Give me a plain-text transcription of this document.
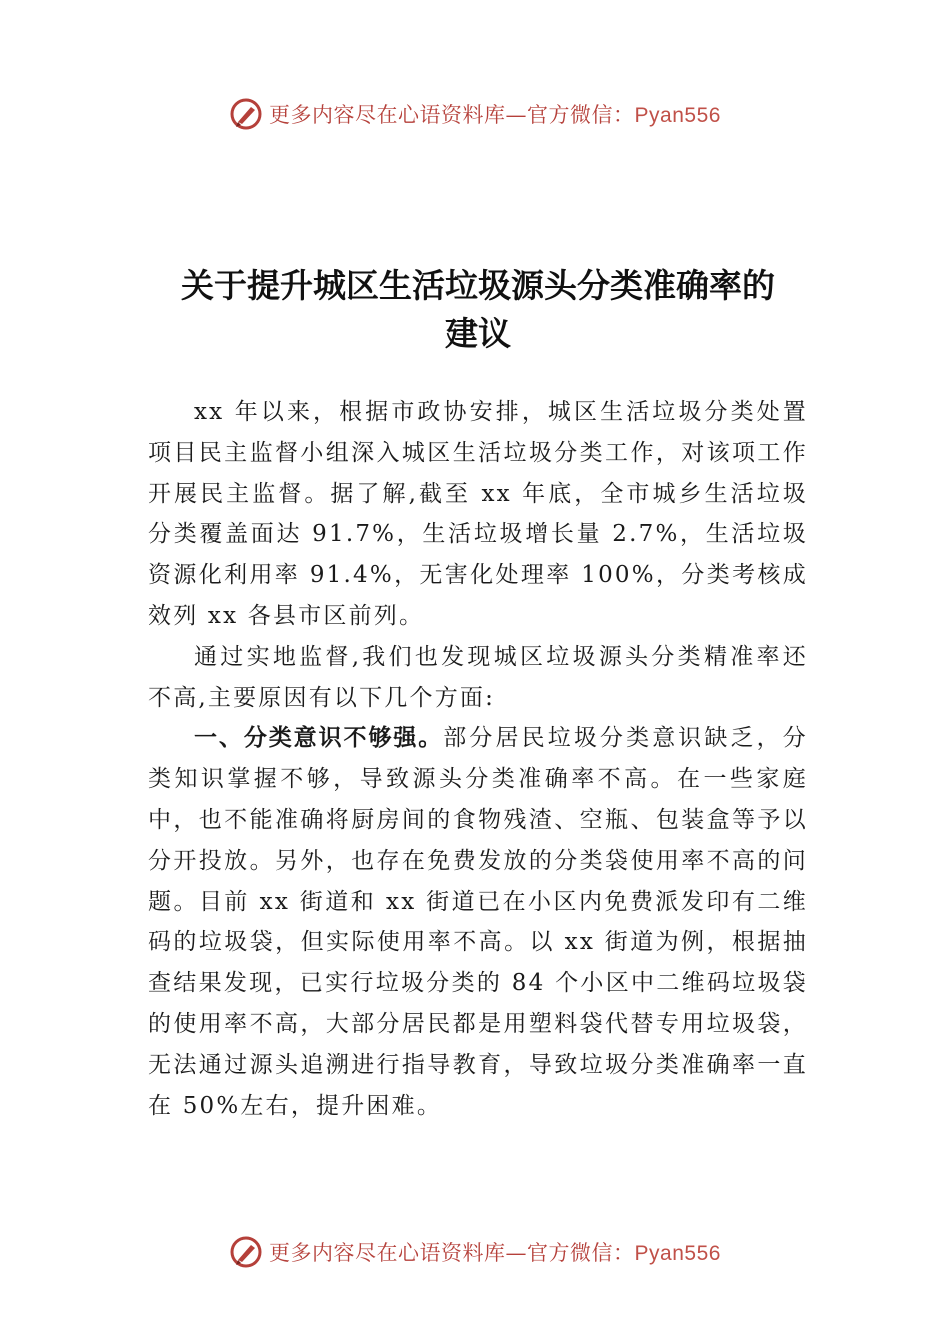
更多内容尽在心语资料库—官方微信：Pyan556
关于提升城区生活垃圾源头分类准确率的
建议

xx 年以来，根据市政协安排，城区生活垃圾分类处置项目民主监督小组深入城区生活垃圾分类工作，对该项工作开展民主监督。据了解,截至 xx 年底，全市城乡生活垃圾分类覆盖面达 91.7%，生活垃圾增长量 2.7%，生活垃圾资源化利用率 91.4%，无害化处理率 100%，分类考核成效列 xx 各县市区前列。

通过实地监督,我们也发现城区垃圾源头分类精准率还不高,主要原因有以下几个方面:

一、分类意识不够强。部分居民垃圾分类意识缺乏，分类知识掌握不够，导致源头分类准确率不高。在一些家庭中，也不能准确将厨房间的食物残渣、空瓶、包装盒等予以分开投放。另外，也存在免费发放的分类袋使用率不高的问题。目前 xx 街道和 xx 街道已在小区内免费派发印有二维码的垃圾袋，但实际使用率不高。以 xx 街道为例，根据抽查结果发现，已实行垃圾分类的 84 个小区中二维码垃圾袋的使用率不高，大部分居民都是用塑料袋代替专用垃圾袋，无法通过源头追溯进行指导教育，导致垃圾分类准确率一直在 50%左右，提升困难。

更多内容尽在心语资料库—官方微信：Pyan556
